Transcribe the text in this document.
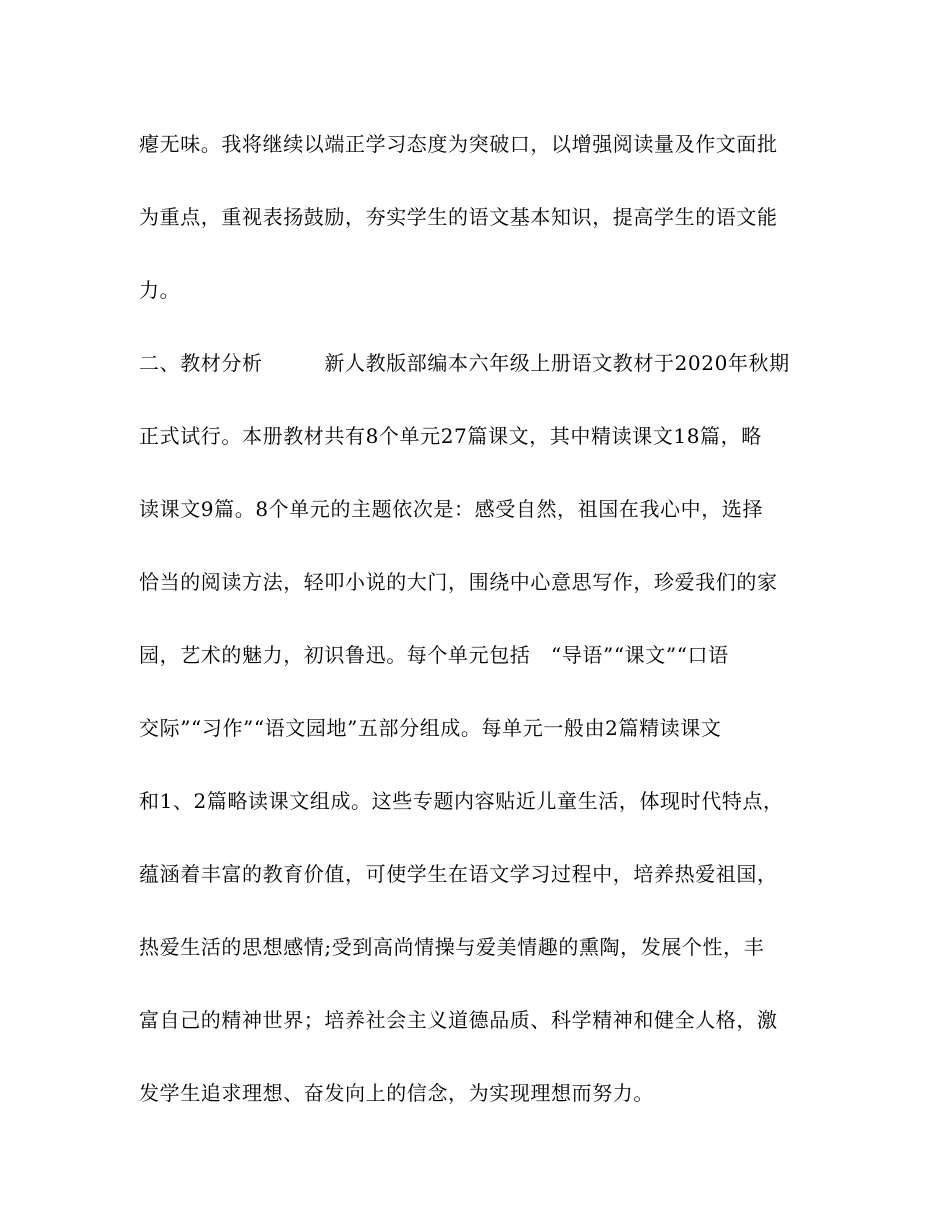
瘪无味。我将继续以端正学习态度为突破口，以增强阅读量及作文面批
为重点，重视表扬鼓励，夯实学生的语文基本知识，提高学生的语文能
力。
二、教材分析　　　新人教版部编本六年级上册语文教材于2020年秋期
正式试行。本册教材共有8个单元27篇课文，其中精读课文18篇，略
读课文9篇。8个单元的主题依次是：感受自然，祖国在我心中，选择
恰当的阅读方法，轻叩小说的大门，围绕中心意思写作，珍爱我们的家
园，艺术的魅力，初识鲁迅。每个单元包括　“导语”“课文”“口语
交际”“习作”“语文园地”五部分组成。每单元一般由2篇精读课文
和1、2篇略读课文组成。这些专题内容贴近儿童生活，体现时代特点，
蕴涵着丰富的教育价值，可使学生在语文学习过程中，培养热爱祖国，
热爱生活的思想感情;受到高尚情操与爱美情趣的熏陶，发展个性，丰
富自己的精神世界；培养社会主义道德品质、科学精神和健全人格，激
发学生追求理想、奋发向上的信念，为实现理想而努力。
